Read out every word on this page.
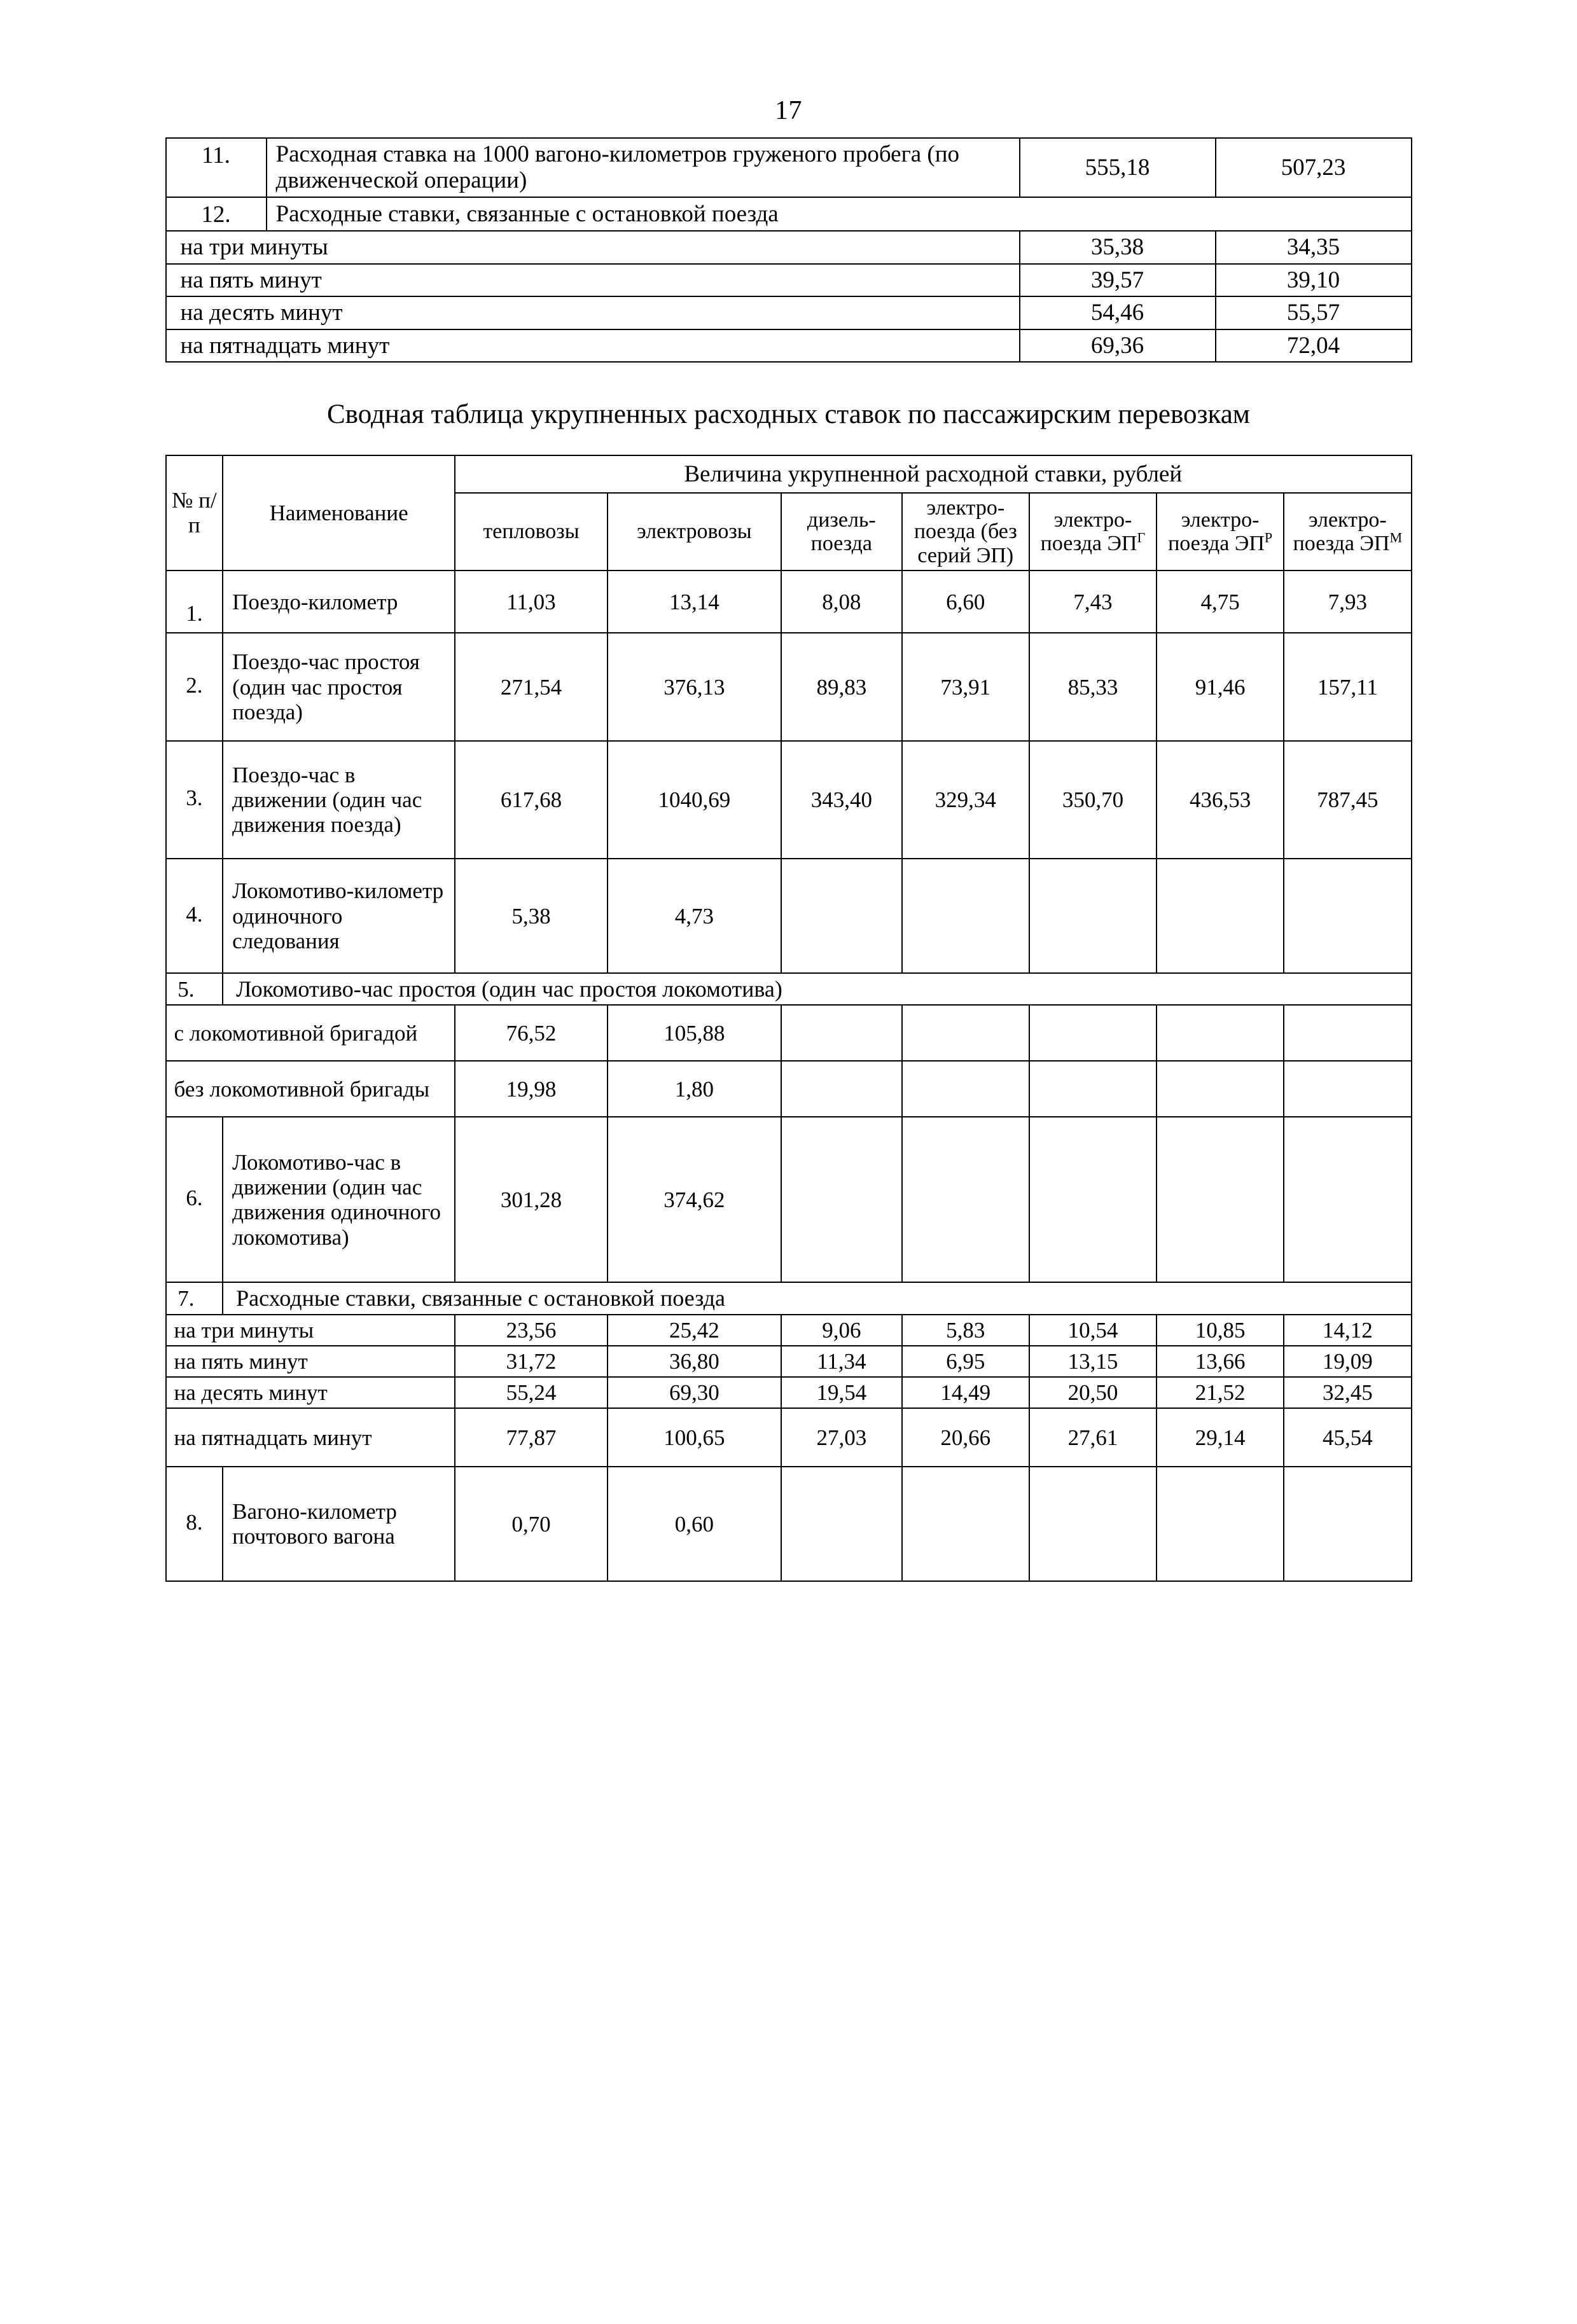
17
11.	Расходная ставка на 1000 вагоно-километров груженого пробега (по движенческой операции)	555,18	507,23
12.	Расходные ставки, связанные с остановкой поезда		
на три минуты		35,38	34,35
на пять минут		39,57	39,10
на десять минут		54,46	55,57
на пятнадцать минут		69,36	72,04
Сводная таблица укрупненных расходных ставок по пассажирским перевозкам
№ п/п	Наименование	Величина укрупненной расходной ставки, рублей						
		тепловозы	электровозы	дизель-поезда	электро-поезда (без серий ЭП)	электро-поезда $ЭП^Г$	электро-поезда $ЭП^Р$	электро-поезда $ЭП^М$
1.	Поездо-километр	11,03	13,14	8,08	6,60	7,43	4,75	7,93
2.	Поездо-час простоя (один час простоя поезда)	271,54	376,13	89,83	73,91	85,33	91,46	157,11
3.	Поездо-час в движении (один час движения поезда)	617,68	1040,69	343,40	329,34	350,70	436,53	787,45
4.	Локомотиво-километр одиночного следования	5,38	4,73					
5.	Локомотиво-час простоя (один час простоя локомотива)							
с локомотивной бригадой		76,52	105,88					
без локомотивной бригады		19,98	1,80					
6.	Локомотиво-час в движении (один час движения одиночного локомотива)	301,28	374,62					
7.	Расходные ставки, связанные с остановкой поезда							
на три минуты		23,56	25,42	9,06	5,83	10,54	10,85	14,12
на пять минут		31,72	36,80	11,34	6,95	13,15	13,66	19,09
на десять минут		55,24	69,30	19,54	14,49	20,50	21,52	32,45
на пятнадцать минут		77,87	100,65	27,03	20,66	27,61	29,14	45,54
8.	Вагоно-километр почтового вагона	0,70	0,60					
